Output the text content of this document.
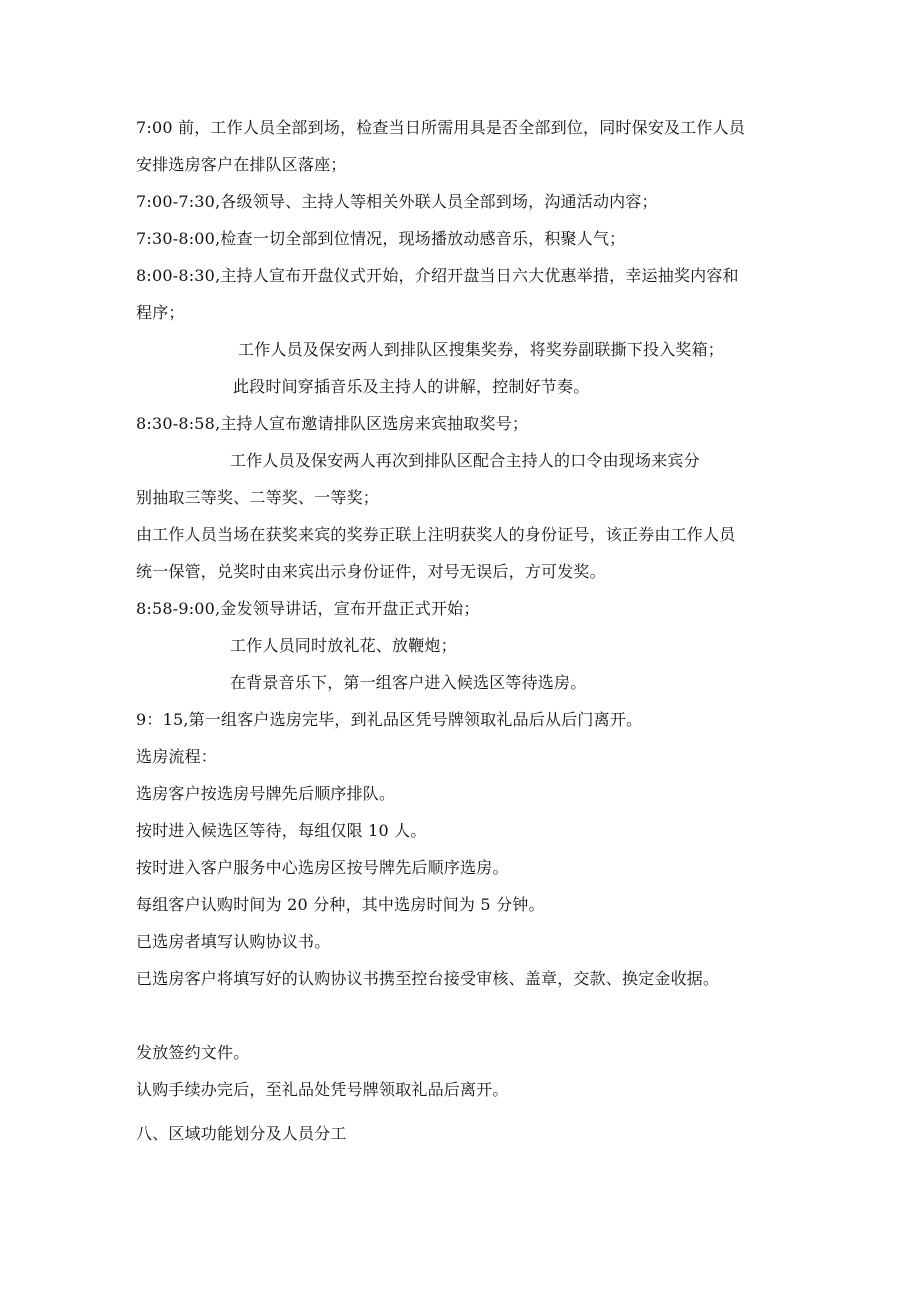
7:00 前，工作人员全部到场，检查当日所需用具是否全部到位，同时保安及工作人员
安排选房客户在排队区落座；
7:00-7:30,各级领导、主持人等相关外联人员全部到场，沟通活动内容；
7:30-8:00,检查一切全部到位情况，现场播放动感音乐，积聚人气；
8:00-8:30,主持人宣布开盘仪式开始，介绍开盘当日六大优惠举措，幸运抽奖内容和
程序；
工作人员及保安两人到排队区搜集奖券，将奖券副联撕下投入奖箱；
此段时间穿插音乐及主持人的讲解，控制好节奏。
8:30-8:58,主持人宣布邀请排队区选房来宾抽取奖号；
工作人员及保安两人再次到排队区配合主持人的口令由现场来宾分
别抽取三等奖、二等奖、一等奖；
由工作人员当场在获奖来宾的奖券正联上注明获奖人的身份证号，该正券由工作人员
统一保管，兑奖时由来宾出示身份证件，对号无误后，方可发奖。
8:58-9:00,金发领导讲话，宣布开盘正式开始；
工作人员同时放礼花、放鞭炮；
在背景音乐下，第一组客户进入候选区等待选房。
9：15,第一组客户选房完毕，到礼品区凭号牌领取礼品后从后门离开。
选房流程：
选房客户按选房号牌先后顺序排队。
按时进入候选区等待，每组仅限 10 人。
按时进入客户服务中心选房区按号牌先后顺序选房。
每组客户认购时间为 20 分种，其中选房时间为 5 分钟。
已选房者填写认购协议书。
已选房客户将填写好的认购协议书携至控台接受审核、盖章，交款、换定金收据。
发放签约文件。
认购手续办完后，至礼品处凭号牌领取礼品后离开。
八、区域功能划分及人员分工
